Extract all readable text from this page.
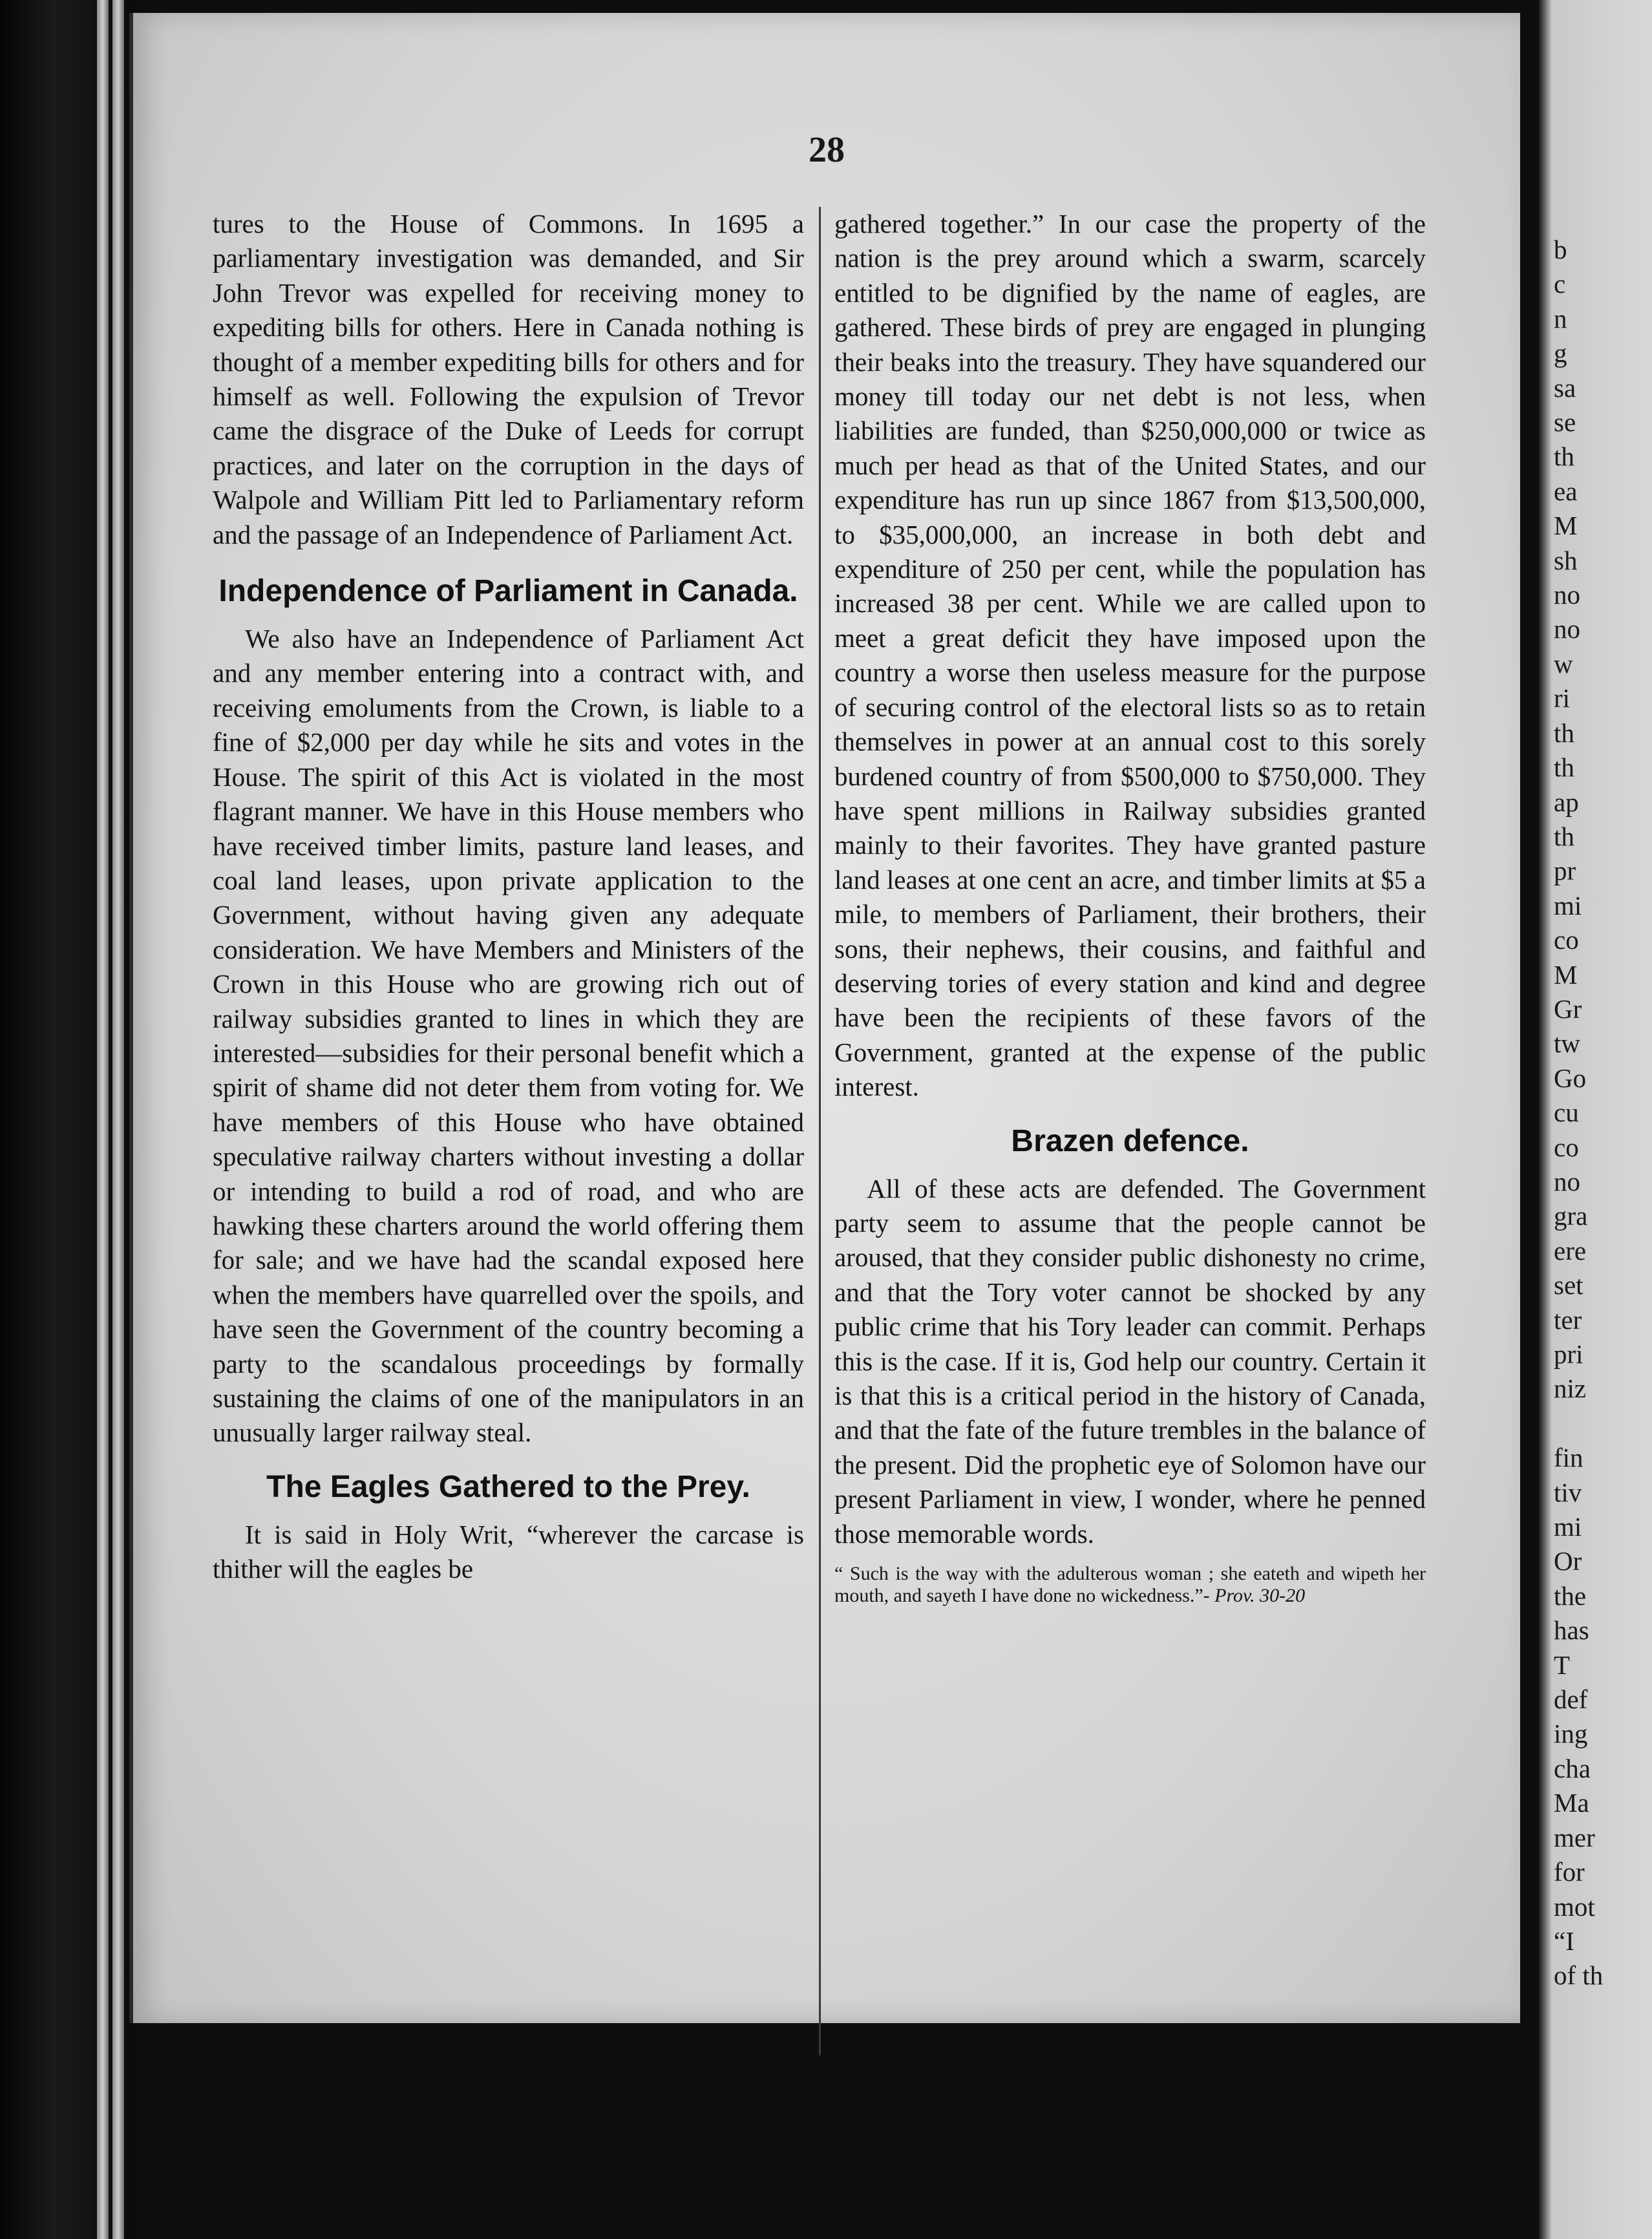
28

tures to the House of Commons. In 1695 a parliamentary investigation was demanded, and Sir John Trevor was expelled for receiving money to expediting bills for others. Here in Canada nothing is thought of a member expediting bills for others and for himself as well. Following the expulsion of Trevor came the disgrace of the Duke of Leeds for corrupt practices, and later on the corruption in the days of Walpole and William Pitt led to Parliamentary reform and the passage of an Independence of Parliament Act.

Independence of Parliament in Canada.

We also have an Independence of Parliament Act and any member entering into a contract with, and receiving emoluments from the Crown, is liable to a fine of $2,000 per day while he sits and votes in the House. The spirit of this Act is violated in the most flagrant manner. We have in this House members who have received timber limits, pasture land leases, and coal land leases, upon private application to the Government, without having given any adequate consideration. We have Members and Ministers of the Crown in this House who are growing rich out of railway subsidies granted to lines in which they are interested—subsidies for their personal benefit which a spirit of shame did not deter them from voting for. We have members of this House who have obtained speculative railway charters without investing a dollar or intending to build a rod of road, and who are hawking these charters around the world offering them for sale; and we have had the scandal exposed here when the members have quarrelled over the spoils, and have seen the Government of the country becoming a party to the scandalous proceedings by formally sustaining the claims of one of the manipulators in an unusually larger railway steal.

The Eagles Gathered to the Prey.

It is said in Holy Writ, “wherever the carcase is thither will the eagles be

gathered together.” In our case the property of the nation is the prey around which a swarm, scarcely entitled to be dignified by the name of eagles, are gathered. These birds of prey are engaged in plunging their beaks into the treasury. They have squandered our money till today our net debt is not less, when liabilities are funded, than $250,000,000 or twice as much per head as that of the United States, and our expenditure has run up since 1867 from $13,500,000, to $35,000,000, an increase in both debt and expenditure of 250 per cent, while the population has increased 38 per cent. While we are called upon to meet a great deficit they have imposed upon the country a worse then useless measure for the purpose of securing control of the electoral lists so as to retain themselves in power at an annual cost to this sorely burdened country of from $500,000 to $750,000. They have spent millions in Railway subsidies granted mainly to their favorites. They have granted pasture land leases at one cent an acre, and timber limits at $5 a mile, to members of Parliament, their brothers, their sons, their nephews, their cousins, and faithful and deserving tories of every station and kind and degree have been the recipients of these favors of the Government, granted at the expense of the public interest.

Brazen defence.

All of these acts are defended. The Government party seem to assume that the people cannot be aroused, that they consider public dishonesty no crime, and that the Tory voter cannot be shocked by any public crime that his Tory leader can commit. Perhaps this is the case. If it is, God help our country. Certain it is that this is a critical period in the history of Canada, and that the fate of the future trembles in the balance of the present. Did the prophetic eye of Solomon have our present Parliament in view, I wonder, where he penned those memorable words.

“ Such is the way with the adulterous woman ; she eateth and wipeth her mouth, and sayeth I have done no wickedness.”- Prov. 30-20

b
c
n
g
sa
se
th
ea
M
sh
no
no
w
ri
th
th
ap
th
pr
mi
co
M
Gr
tw
Go
cu
co
no
gra
ere
set
ter
pri
niz

fin
tiv
mi
Or
the
has
T
def
ing
cha
Ma
mer
for
mot
“I
of th
